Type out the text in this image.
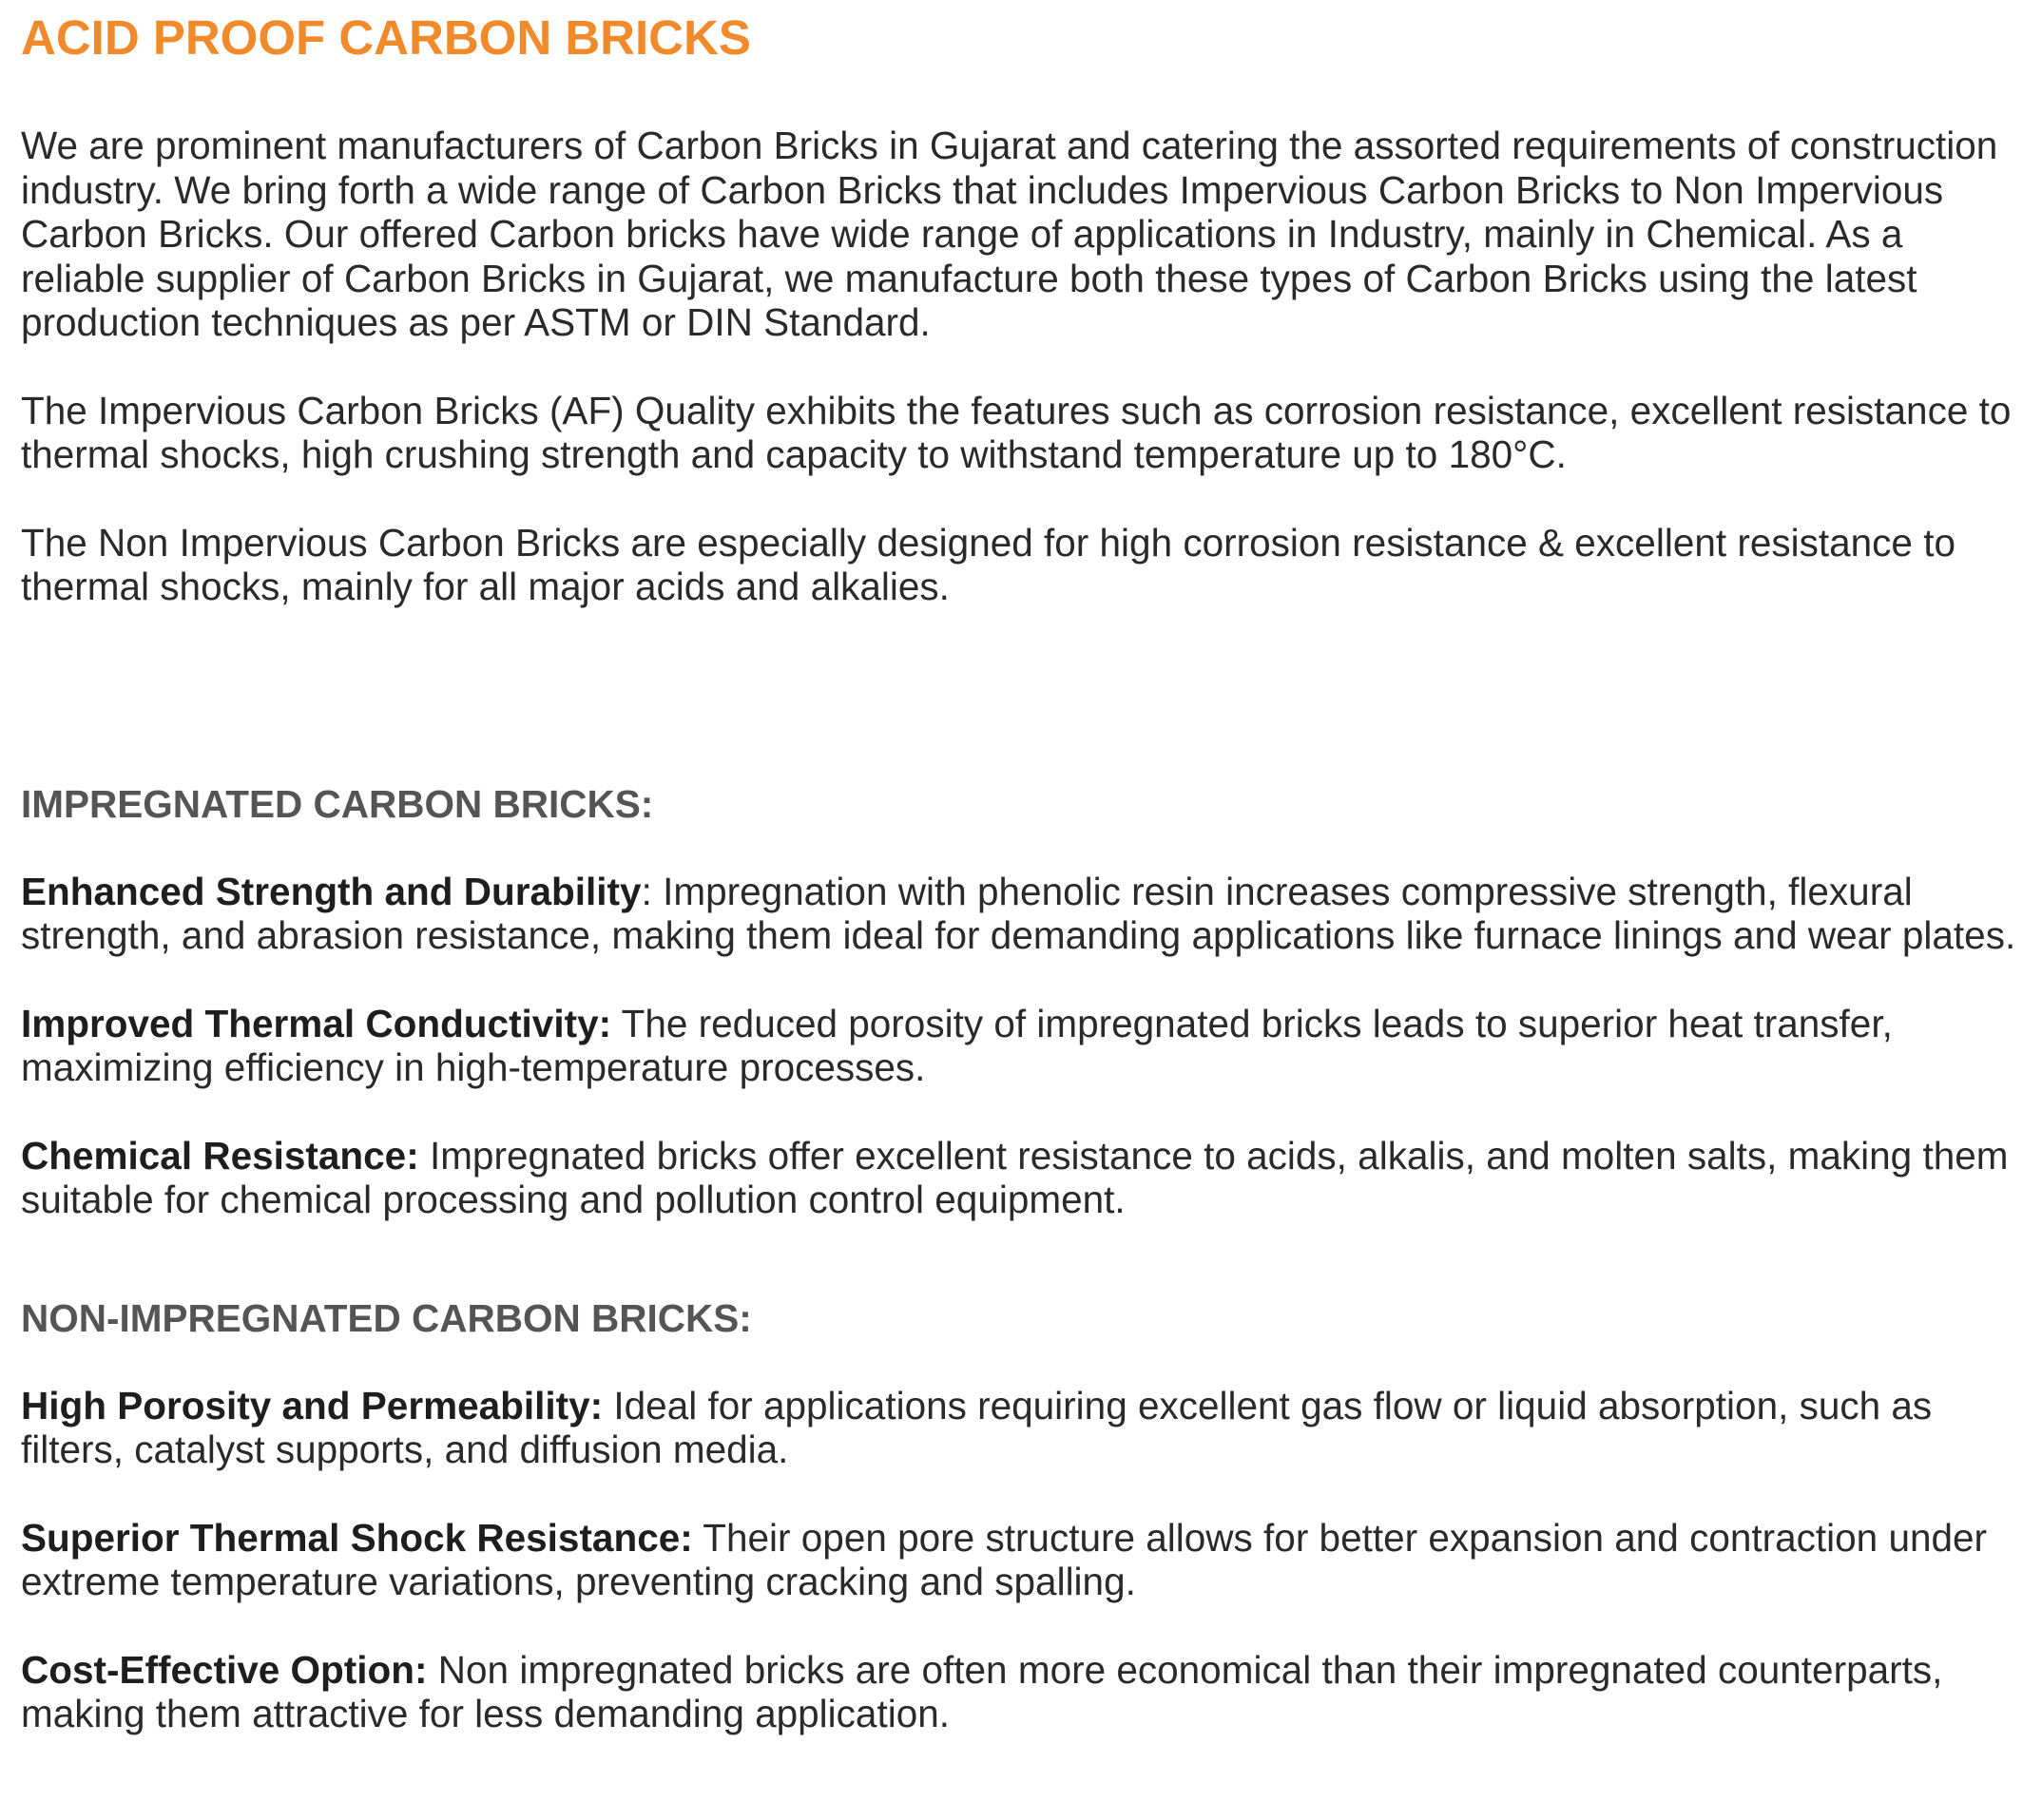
ACID PROOF CARBON BRICKS

We are prominent manufacturers of Carbon Bricks in Gujarat and catering the assorted requirements of construction industry. We bring forth a wide range of Carbon Bricks that includes Impervious Carbon Bricks to Non Impervious Carbon Bricks. Our offered Carbon bricks have wide range of applications in Industry, mainly in Chemical. As a reliable supplier of Carbon Bricks in Gujarat, we manufacture both these types of Carbon Bricks using the latest production techniques as per ASTM or DIN Standard.

The Impervious Carbon Bricks (AF) Quality exhibits the features such as corrosion resistance, excellent resistance to thermal shocks, high crushing strength and capacity to withstand temperature up to 180°C.

The Non Impervious Carbon Bricks are especially designed for high corrosion resistance & excellent resistance to thermal shocks, mainly for all major acids and alkalies.

IMPREGNATED CARBON BRICKS:

Enhanced Strength and Durability: Impregnation with phenolic resin increases compressive strength, flexural strength, and abrasion resistance, making them ideal for demanding applications like furnace linings and wear plates.

Improved Thermal Conductivity: The reduced porosity of impregnated bricks leads to superior heat transfer, maximizing efficiency in high-temperature processes.

Chemical Resistance: Impregnated bricks offer excellent resistance to acids, alkalis, and molten salts, making them suitable for chemical processing and pollution control equipment.

NON-IMPREGNATED CARBON BRICKS:

High Porosity and Permeability: Ideal for applications requiring excellent gas flow or liquid absorption, such as filters, catalyst supports, and diffusion media.

Superior Thermal Shock Resistance: Their open pore structure allows for better expansion and contraction under extreme temperature variations, preventing cracking and spalling.

Cost-Effective Option: Non impregnated bricks are often more economical than their impregnated counterparts, making them attractive for less demanding application.
